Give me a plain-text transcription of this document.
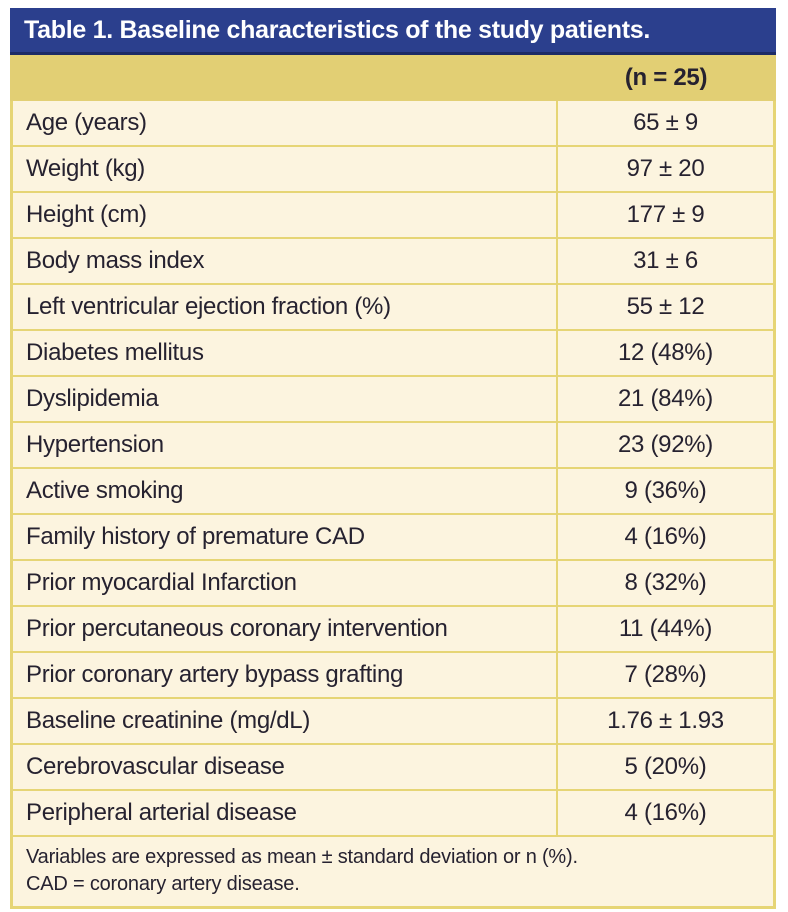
Table 1. Baseline characteristics of the study patients.
(n = 25)
Age (years)	65 ± 9
Weight (kg)	97 ± 20
Height (cm)	177 ± 9
Body mass index	31 ± 6
Left ventricular ejection fraction (%)	55 ± 12
Diabetes mellitus	12 (48%)
Dyslipidemia	21 (84%)
Hypertension	23 (92%)
Active smoking	9 (36%)
Family history of premature CAD	4 (16%)
Prior myocardial Infarction	8 (32%)
Prior percutaneous coronary intervention	11 (44%)
Prior coronary artery bypass grafting	7 (28%)
Baseline creatinine (mg/dL)	1.76 ± 1.93
Cerebrovascular disease	5 (20%)
Peripheral arterial disease	4 (16%)
Variables are expressed as mean ± standard deviation or n (%).
CAD = coronary artery disease.
